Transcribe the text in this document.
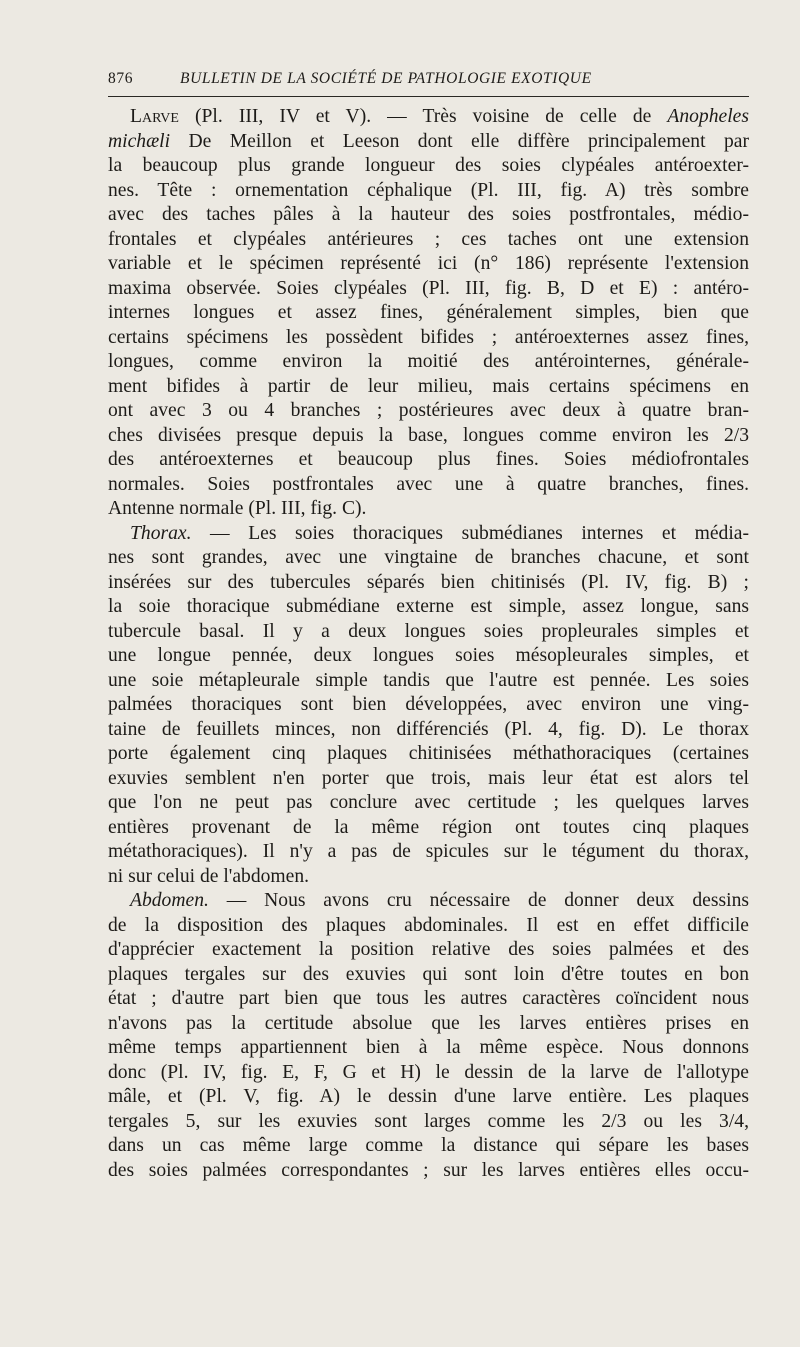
876	BULLETIN DE LA SOCIÉTÉ DE PATHOLOGIE EXOTIQUE
Larve (Pl. III, IV et V). — Très voisine de celle de Anopheles
michæli De Meillon et Leeson dont elle diffère principalement par
la beaucoup plus grande longueur des soies clypéales antéroexter-
nes. Tête : ornementation céphalique (Pl. III, fig. A) très sombre
avec des taches pâles à la hauteur des soies postfrontales, médio-
frontales et clypéales antérieures ; ces taches ont une extension
variable et le spécimen représenté ici (n° 186) représente l'extension
maxima observée. Soies clypéales (Pl. III, fig. B, D et E) : antéro-
internes longues et assez fines, généralement simples, bien que
certains spécimens les possèdent bifides ; antéroexternes assez fines,
longues, comme environ la moitié des antérointernes, générale-
ment bifides à partir de leur milieu, mais certains spécimens en
ont avec 3 ou 4 branches ; postérieures avec deux à quatre bran-
ches divisées presque depuis la base, longues comme environ les 2/3
des antéroexternes et beaucoup plus fines. Soies médiofrontales
normales. Soies postfrontales avec une à quatre branches, fines.
Antenne normale (Pl. III, fig. C).
Thorax. — Les soies thoraciques submédianes internes et média-
nes sont grandes, avec une vingtaine de branches chacune, et sont
insérées sur des tubercules séparés bien chitinisés (Pl. IV, fig. B) ;
la soie thoracique submédiane externe est simple, assez longue, sans
tubercule basal. Il y a deux longues soies propleurales simples et
une longue pennée, deux longues soies mésopleurales simples, et
une soie métapleurale simple tandis que l'autre est pennée. Les soies
palmées thoraciques sont bien développées, avec environ une ving-
taine de feuillets minces, non différenciés (Pl. 4, fig. D). Le thorax
porte également cinq plaques chitinisées méthathoraciques (certaines
exuvies semblent n'en porter que trois, mais leur état est alors tel
que l'on ne peut pas conclure avec certitude ; les quelques larves
entières provenant de la même région ont toutes cinq plaques
métathoraciques). Il n'y a pas de spicules sur le tégument du thorax,
ni sur celui de l'abdomen.
Abdomen. — Nous avons cru nécessaire de donner deux dessins
de la disposition des plaques abdominales. Il est en effet difficile
d'apprécier exactement la position relative des soies palmées et des
plaques tergales sur des exuvies qui sont loin d'être toutes en bon
état ; d'autre part bien que tous les autres caractères coïncident nous
n'avons pas la certitude absolue que les larves entières prises en
même temps appartiennent bien à la même espèce. Nous donnons
donc (Pl. IV, fig. E, F, G et H) le dessin de la larve de l'allotype
mâle, et (Pl. V, fig. A) le dessin d'une larve entière. Les plaques
tergales 5, sur les exuvies sont larges comme les 2/3 ou les 3/4,
dans un cas même large comme la distance qui sépare les bases
des soies palmées correspondantes ; sur les larves entières elles occu-
